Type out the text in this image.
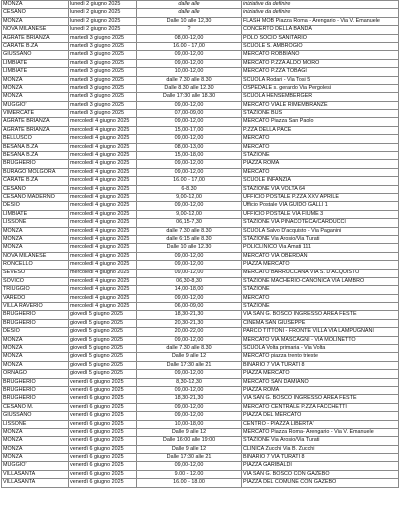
MONZA	lunedì 2 giugno 2025	dalle alle	iniziative da definire
CESANO	lunedì 2 giugno 2025	dalle alle	iniziative da definire
MONZA	lunedì 2 giugno 2025	Dalle 10 alle 12,30	FLASH MOB Piazza Roma - Arengario - Via V. Emanuele
NOVA MILANESE	lunedì 2 giugno 2025	?	CONCERTO DELLA BANDA
AGRATE BRIANZA	martedì 3 giugno 2025	08,00-12,00	POLO SOCIO SANITARIO
CARATE B.ZA	martedì 3 giugno 2025	16.00 - 17,00	SCUOLE S. AMBROGIO
GIUSSANO	martedì 3 giugno 2025	09,00-12,00	MERCATO ROBBIANO
LIMBIATE	martedì 3 giugno 2025	09,00-12,00	MERCATO P.ZZA ALDO MORO
LIMBIATE	martedì 3 giugno 2025	10,00-12,00	MERCATO P.ZZA TOBAGI
MONZA	martedì 3 giugno 2025	dalle 7.30 alle 8.30	SCUOLA Rodari - Via Tosi 5
MONZA	martedì 3 giugno 2025	Dalle 8.30 alle 12.30	OSPEDALE s. gerardo Via Pergolesi
MONZA	martedì 3 giugno 2025	Dalle 17:30 alle 18.30	SCUOLA HENSEMBERGER
MUGGIO'	martedì 3 giugno 2025	09,00-12,00	MERCATO VIALE RIMEMBRANZE
VIMERCATE	martedì 3 giugno 2025	07,00-09,00	STAZIONE BUS
AGRATE BRIANZA	mercoledì 4 giugno 2025	09,00-12,00	MERCATO Piazza San Paolo
AGRATE BRIANZA	mercoledì 4 giugno 2025	15,00-17,00	P.ZZA DELLA PACE
BELLUSCO	mercoledì 4 giugno 2025	09,00-12,00	MERCATO
BESANA B.ZA	mercoledì 4 giugno 2025	08,00-13,00	MERCATO
BESANA B.ZA	mercoledì 4 giugno 2025	15,00-18,00	STAZIONE
BRUGHERIO	mercoledì 4 giugno 2025	09,00-12,00	PIAZZA ROMA
BURAGO MOLGORA	mercoledì 4 giugno 2025	09,00-12,00	MERCATO
CARATE B.ZA	mercoledì 4 giugno 2025	16.00 - 17,00	SCUOLE INFANZIA
CESANO	mercoledì 4 giugno 2025	6-8.30	STAZIONE VIA VOLTA 64
CESANO MADERNO	mercoledì 4 giugno 2025	9,00-12,00	UFFICIO POSTALE P.ZZA XXV APRILE
DESIO	mercoledì 4 giugno 2025	09,00-12,00	Ufficio Postale VIA GUIDO GALLI 1
LIMBIATE	mercoledì 4 giugno 2025	9,00-12,00	UFFICIO POSTALE VIA FIUME 3
LISSONE	mercoledì 4 giugno 2025	06,15-7,30	STAZIONE VIA PINACOTECA/CARDUCCI
MONZA	mercoledì 4 giugno 2025	dalle 7.30 alle 8.30	SCUOLA Salvo D'acquisto - Via Paganini
MONZA	mercoledì 4 giugno 2025	dalle 6:15 alle 8.30	STAZIONE Via Arosio/Via Turati
MONZA	mercoledì 4 giugno 2025	Dalle 10 alle 12.30	POLICLINICO Via Amati 111
NOVA MILANESE	mercoledì 4 giugno 2025	09,00-12,00	MERCATO VIA OBERDAN
RONCELLO	mercoledì 4 giugno 2025	09,00-12,00	PIAZZA MERCATO
SEVESO	mercoledì 4 giugno 2025	09,00-12,00	MERCATO BARRUCCANA VIA S. D'ACQUISTO
SOVICO	mercoledì 4 giugno 2025	06,30-8,30	STAZIONE MACHERIO-CANONICA VIA LAMBRO
TRIUGGIO	mercoledì 4 giugno 2025	14,00-18,00	STAZIONE
VAREDO	mercoledì 4 giugno 2025	09,00-12,00	MERCATO
VILLA RAVERIO	mercoledì 4 giugno 2025	06,00-09,00	STAZIONE
BRUGHERIO	giovedì 5 giugno 2025	18,30-21,30	VIA SAN G. BOSCO INGRESSO AREA FESTE
BRUGHERIO	giovedì 5 giugno 2025	20,30-21,30	CINEMA SAN GIUSEPPE
DESIO	giovedì 5 giugno 2025	20,00-22,00	PARCO TITTONI - FRONTE VILLA VIA LAMPUGNANI
MONZA	giovedì 5 giugno 2025	09,00-12,00	MERCATO VIA MASCAGNI - VIA MOLINETTO
MONZA	giovedì 5 giugno 2025	dalle 7.30 alle 8.30	SCUOLA Volta primaria - Via Volta
MONZA	giovedì 5 giugno 2025	Dalle 9 alle 12	MERCATO piazza trento trieste
MONZA	giovedì 5 giugno 2025	Dalle 17:30 alle 21	BINARIO 7 VIA TURATI 8
ORNAGO	giovedì 5 giugno 2025	09,00-12,00	PIAZZA MERCATO
BRUGHERIO	venerdì 6 giugno 2025	8,30-12,30	MERCATO SAN DAMIANO
BRUGHERIO	venerdì 6 giugno 2025	09,00-12,00	PIAZZA ROMA
BRUGHERIO	venerdì 6 giugno 2025	18,30-21,30	VIA SAN G. BOSCO INGRESSO AREA FESTE
CESANO M.	venerdì 6 giugno 2025	09,00-12,00	MERCATO CENTRALE P.ZZA FACCHETTI
GIUSSANO	venerdì 6 giugno 2025	09,00-12,00	PIAZZA DEL MERCATO
LISSONE	venerdì 6 giugno 2025	10,00-18,00	CENTRO - PIAZZA LIBERTA'
MONZA	venerdì 6 giugno 2025	Dalle 9 alle 12	MERCATO Piazza Roma- Arengario - Via V. Emanuele
MONZA	venerdì 6 giugno 2025	Dalle 16:00 alle 19:00	STAZIONE Via Arosio/Via Turati
MONZA	venerdì 6 giugno 2025	Dalle 9 alle 12	CLINICA Zucchi Via B. Zucchi
MONZA	venerdì 6 giugno 2025	Dalle 17:30 alle 21	BINARIO 7 VIA TURATI 8
MUGGIO'	venerdì 6 giugno 2025	09,00-12,00	PIAZZA GARIBALDI
VILLASANTA	venerdì 6 giugno 2025	9.00 - 12.00	VIA SAN G. BOSCO CON GAZEBO
VILLASANTA	venerdì 6 giugno 2025	16.00 - 18.00	PIAZZA DEL COMUNE CON GAZEBO
